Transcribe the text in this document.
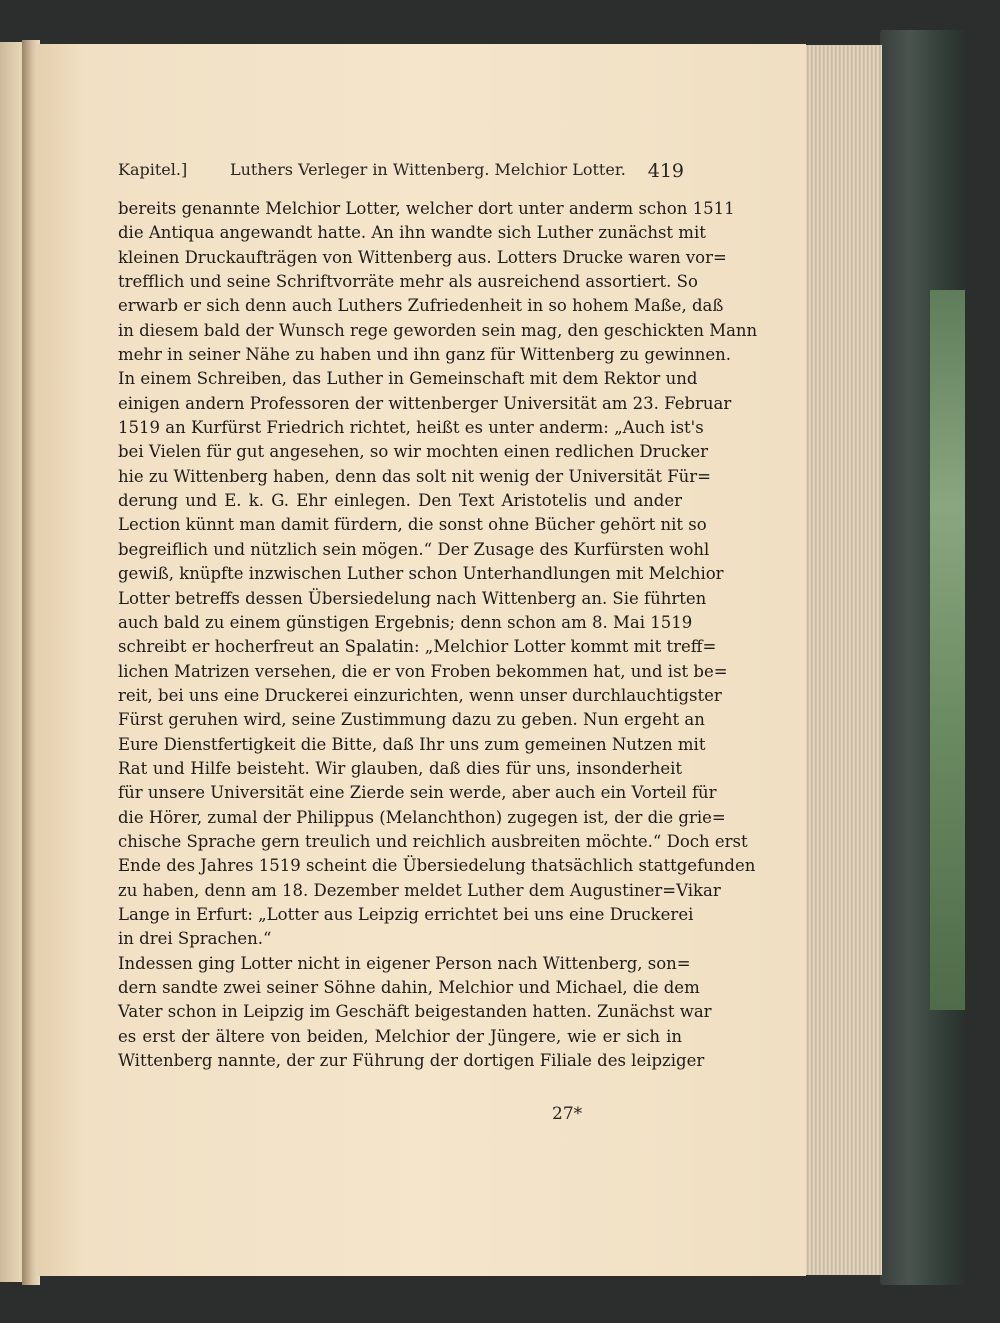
Kapitel.]	Luthers Verleger in Wittenberg. Melchior Lotter. 419
bereits genannte Melchior Lotter, welcher dort unter anderm schon 1511
die Antiqua angewandt hatte. An ihn wandte sich Luther zunächst mit
kleinen Druckaufträgen von Wittenberg aus. Lotters Drucke waren vor=
trefflich und seine Schriftvorräte mehr als ausreichend assortiert. So
erwarb er sich denn auch Luthers Zufriedenheit in so hohem Maße, daß
in diesem bald der Wunsch rege geworden sein mag, den geschickten Mann
mehr in seiner Nähe zu haben und ihn ganz für Wittenberg zu gewinnen.
In einem Schreiben, das Luther in Gemeinschaft mit dem Rektor und
einigen andern Professoren der wittenberger Universität am 23. Februar
1519 an Kurfürst Friedrich richtet, heißt es unter anderm: „Auch ist's
bei Vielen für gut angesehen, so wir mochten einen redlichen Drucker
hie zu Wittenberg haben, denn das solt nit wenig der Universität Für=
derung und E. k. G. Ehr einlegen. Den Text Aristotelis und ander
Lection künnt man damit fürdern, die sonst ohne Bücher gehört nit so
begreiflich und nützlich sein mögen.“ Der Zusage des Kurfürsten wohl
gewiß, knüpfte inzwischen Luther schon Unterhandlungen mit Melchior
Lotter betreffs dessen Übersiedelung nach Wittenberg an. Sie führten
auch bald zu einem günstigen Ergebnis; denn schon am 8. Mai 1519
schreibt er hocherfreut an Spalatin: „Melchior Lotter kommt mit treff=
lichen Matrizen versehen, die er von Froben bekommen hat, und ist be=
reit, bei uns eine Druckerei einzurichten, wenn unser durchlauchtigster
Fürst geruhen wird, seine Zustimmung dazu zu geben. Nun ergeht an
Eure Dienstfertigkeit die Bitte, daß Ihr uns zum gemeinen Nutzen mit
Rat und Hilfe beisteht. Wir glauben, daß dies für uns, insonderheit
für unsere Universität eine Zierde sein werde, aber auch ein Vorteil für
die Hörer, zumal der Philippus (Melanchthon) zugegen ist, der die grie=
chische Sprache gern treulich und reichlich ausbreiten möchte.“ Doch erst
Ende des Jahres 1519 scheint die Übersiedelung thatsächlich stattgefunden
zu haben, denn am 18. Dezember meldet Luther dem Augustiner=Vikar
Lange in Erfurt: „Lotter aus Leipzig errichtet bei uns eine Druckerei
in drei Sprachen.“
Indessen ging Lotter nicht in eigener Person nach Wittenberg, son=
dern sandte zwei seiner Söhne dahin, Melchior und Michael, die dem
Vater schon in Leipzig im Geschäft beigestanden hatten. Zunächst war
es erst der ältere von beiden, Melchior der Jüngere, wie er sich in
Wittenberg nannte, der zur Führung der dortigen Filiale des leipziger
27*
